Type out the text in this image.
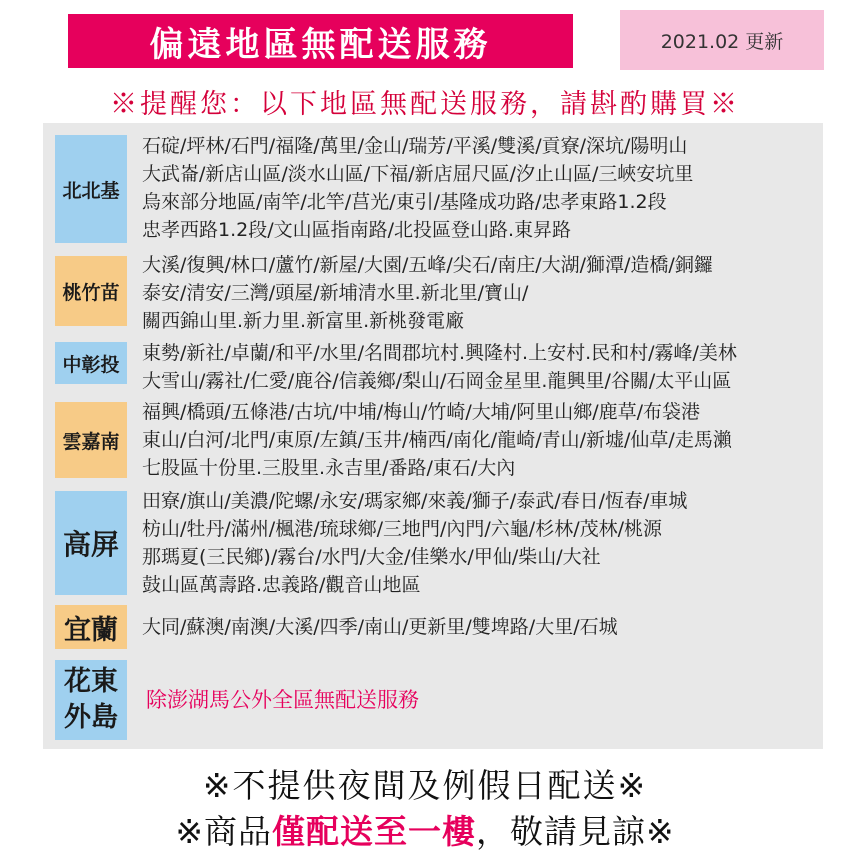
偏遠地區無配送服務	2021.02 更新
※提醒您：以下地區無配送服務，請斟酌購買※
北北基
石碇/坪林/石門/福隆/萬里/金山/瑞芳/平溪/雙溪/貢寮/深坑/陽明山
大武崙/新店山區/淡水山區/下福/新店屈尺區/汐止山區/三峽安坑里
烏來部分地區/南竿/北竿/莒光/東引/基隆成功路/忠孝東路1.2段
忠孝西路1.2段/文山區指南路/北投區登山路.東昇路
桃竹苗
大溪/復興/林口/蘆竹/新屋/大園/五峰/尖石/南庄/大湖/獅潭/造橋/銅鑼
泰安/清安/三灣/頭屋/新埔清水里.新北里/寶山/
關西錦山里.新力里.新富里.新桃發電廠
中彰投
東勢/新社/卓蘭/和平/水里/名間郡坑村.興隆村.上安村.民和村/霧峰/美林
大雪山/霧社/仁愛/鹿谷/信義鄉/梨山/石岡金星里.龍興里/谷關/太平山區
雲嘉南
福興/橋頭/五條港/古坑/中埔/梅山/竹崎/大埔/阿里山鄉/鹿草/布袋港
東山/白河/北門/東原/左鎮/玉井/楠西/南化/龍崎/青山/新墟/仙草/走馬瀨
七股區十份里.三股里.永吉里/番路/東石/大內
高屏
田寮/旗山/美濃/陀螺/永安/瑪家鄉/來義/獅子/泰武/春日/恆春/車城
枋山/牡丹/滿州/楓港/琉球鄉/三地門/內門/六龜/杉林/茂林/桃源
那瑪夏(三民鄉)/霧台/水門/大金/佳樂水/甲仙/柴山/大社
鼓山區萬壽路.忠義路/觀音山地區
宜蘭	大同/蘇澳/南澳/大溪/四季/南山/更新里/雙埤路/大里/石城
花東
外島
除澎湖馬公外全區無配送服務
※不提供夜間及例假日配送※
※商品僅配送至一樓，敬請見諒※
